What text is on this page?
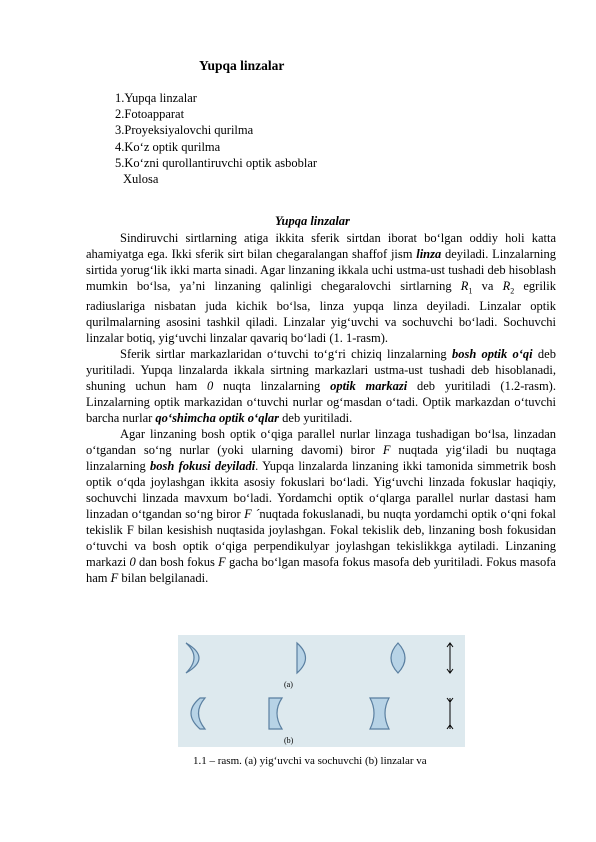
Yupqa linzalar
1.Yupqa linzalar
2.Fotoapparat
3.Proyeksiyalovchi qurilma
4.Ko‘z optik qurilma
5.Ko‘zni qurollantiruvchi optik asboblar
Xulosa
Yupqa linzalar

Sindiruvchi sirtlarning atiga ikkita sferik sirtdan iborat bo‘lgan oddiy holi katta ahamiyatga ega. Ikki sferik sirt bilan chegaralangan shaffof jism linza deyiladi. Linzalarning sirtida yorug‘lik ikki marta sinadi. Agar linzaning ikkala uchi ustma-ust tushadi deb hisoblash mumkin bo‘lsa, ya’ni linzaning qalinligi chegaralovchi sirtlarning $R_1$ va $R_2$ egrilik radiuslariga nisbatan juda kichik bo‘lsa, linza yupqa linza deyiladi. Linzalar optik qurilmalarning asosini tashkil qiladi. Linzalar yig‘uvchi va sochuvchi bo‘ladi. Sochuvchi linzalar botiq, yig‘uvchi linzalar qavariq bo‘ladi (1. 1-rasm).

Sferik sirtlar markazlaridan o‘tuvchi to‘g‘ri chiziq linzalarning bosh optik o‘qi deb yuritiladi. Yupqa linzalarda ikkala sirtning markazlari ustma-ust tushadi deb hisoblanadi, shuning uchun ham 0 nuqta linzalarning optik markazi deb yuritiladi (1.2-rasm). Linzalarning optik markazidan o‘tuvchi nurlar og‘masdan o‘tadi. Optik markazdan o‘tuvchi barcha nurlar qo‘shimcha optik o‘qlar deb yuritiladi.

Agar linzaning bosh optik o‘qiga parallel nurlar linzaga tushadigan bo‘lsa, linzadan o‘tgandan so‘ng nurlar (yoki ularning davomi) biror F nuqtada yig‘iladi bu nuqtaga linzalarning bosh fokusi deyiladi. Yupqa linzalarda linzaning ikki tamonida simmetrik bosh optik o‘qda joylashgan ikkita asosiy fokuslari bo‘ladi. Yig‘uvchi linzada fokuslar haqiqiy, sochuvchi linzada mavxum bo‘ladi. Yordamchi optik o‘qlarga parallel nurlar dastasi ham linzadan o‘tgandan so‘ng biror F ´nuqtada fokuslanadi, bu nuqta yordamchi optik o‘qni fokal tekislik F bilan kesishish nuqtasida joylashgan. Fokal tekislik deb, linzaning bosh fokusidan o‘tuvchi va bosh optik o‘qiga perpendikulyar joylashgan tekislikkga aytiladi. Linzaning markazi 0 dan bosh fokus F gacha bo‘lgan masofa fokus masofa deb yuritiladi. Fokus masofa ham F bilan belgilanadi.

(a)
(b)
1.1 – rasm. (a) yig‘uvchi va sochuvchi (b) linzalar va
